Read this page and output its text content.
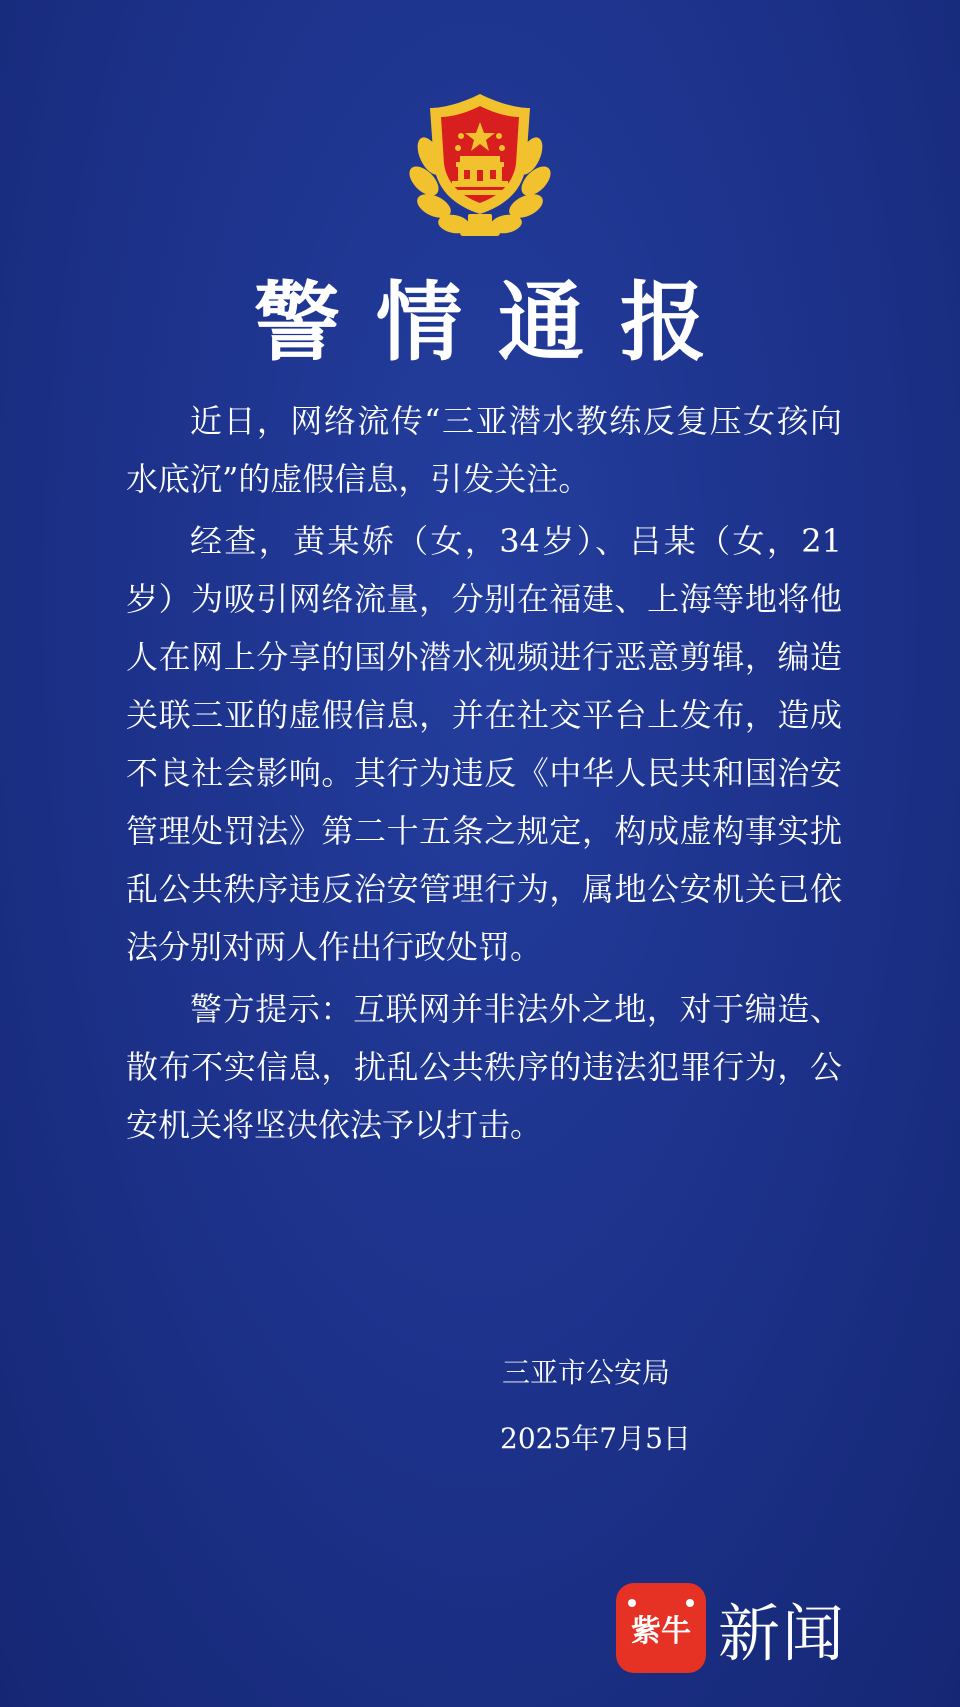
警情通报

近日，网络流传“三亚潜水教练反复压女孩向水底沉”的虚假信息，引发关注。

经查，黄某娇（女，34岁）、吕某（女，21岁）为吸引网络流量，分别在福建、上海等地将他人在网上分享的国外潜水视频进行恶意剪辑，编造关联三亚的虚假信息，并在社交平台上发布，造成不良社会影响。其行为违反《中华人民共和国治安管理处罚法》第二十五条之规定，构成虚构事实扰乱公共秩序违反治安管理行为，属地公安机关已依法分别对两人作出行政处罚。

警方提示：互联网并非法外之地，对于编造、散布不实信息，扰乱公共秩序的违法犯罪行为，公安机关将坚决依法予以打击。

三亚市公安局
2025年7月5日
紫牛 新闻
